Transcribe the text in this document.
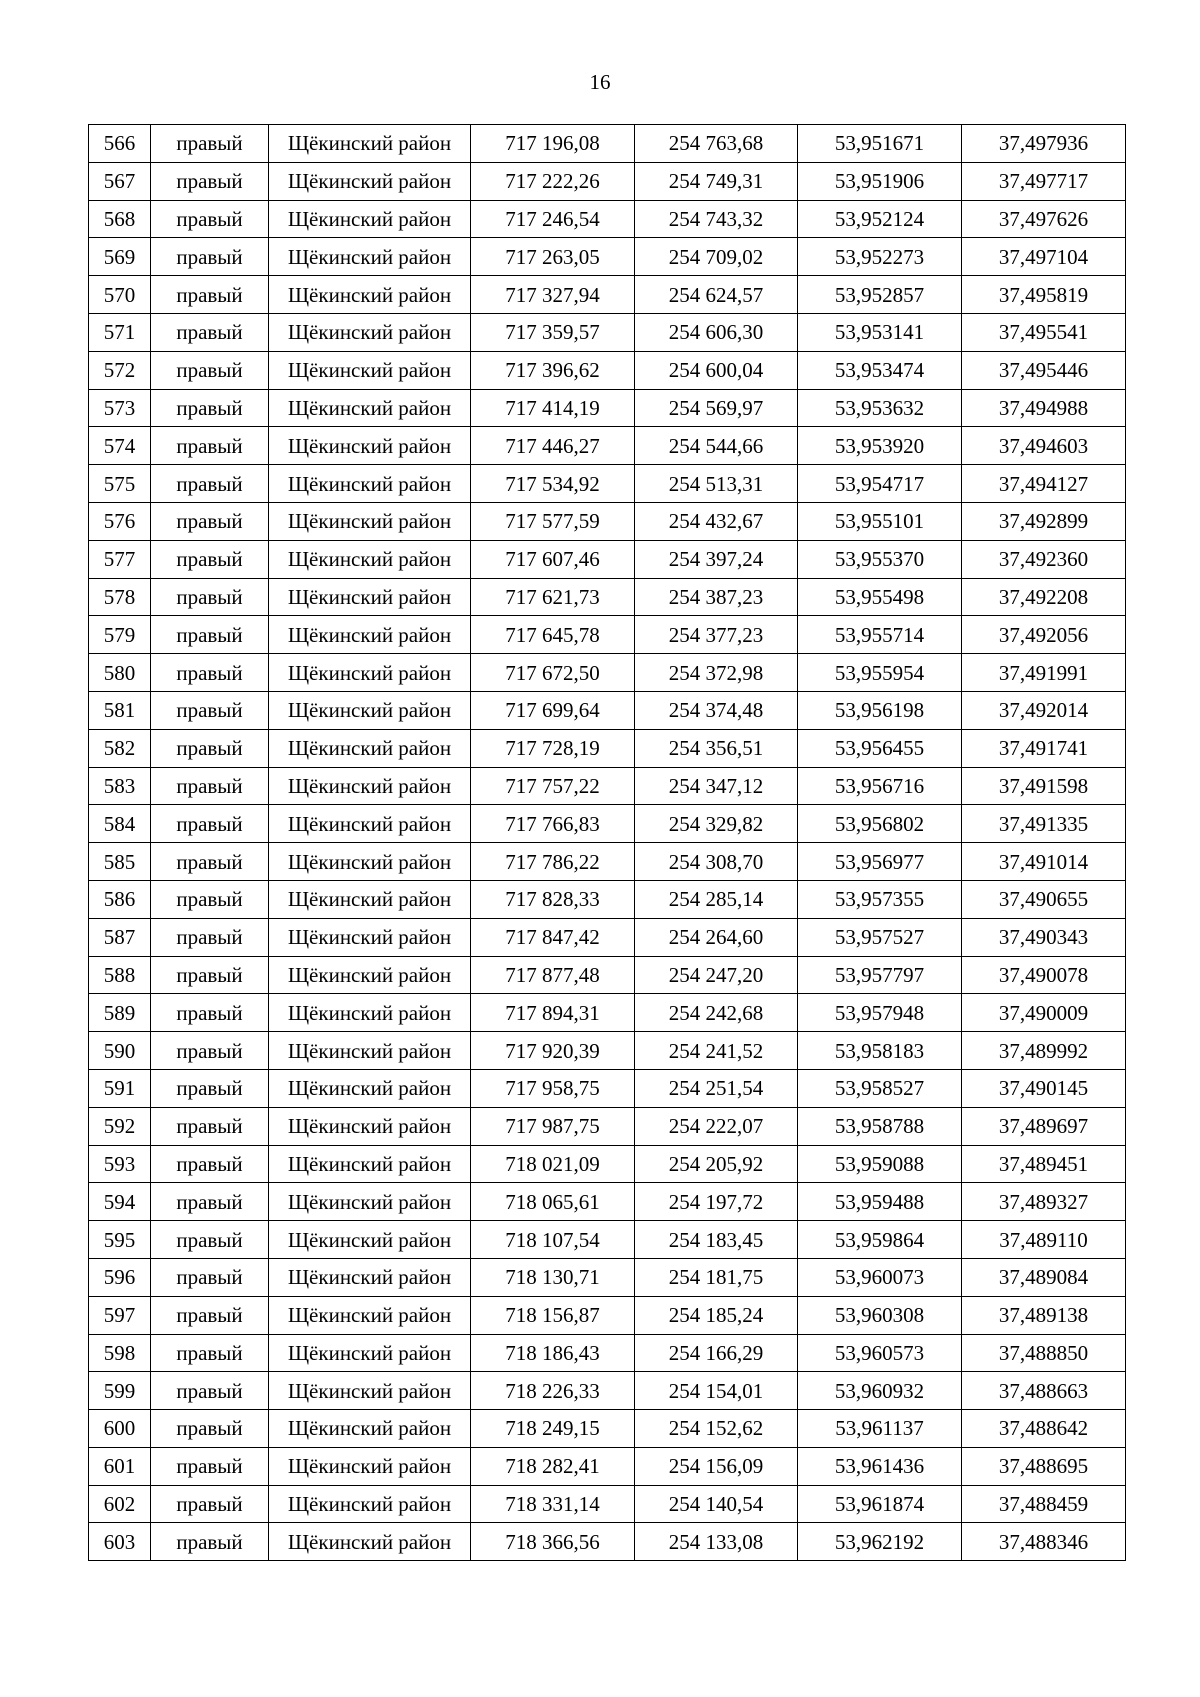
16
566	правый	Щёкинский район	717 196,08	254 763,68	53,951671	37,497936
567	правый	Щёкинский район	717 222,26	254 749,31	53,951906	37,497717
568	правый	Щёкинский район	717 246,54	254 743,32	53,952124	37,497626
569	правый	Щёкинский район	717 263,05	254 709,02	53,952273	37,497104
570	правый	Щёкинский район	717 327,94	254 624,57	53,952857	37,495819
571	правый	Щёкинский район	717 359,57	254 606,30	53,953141	37,495541
572	правый	Щёкинский район	717 396,62	254 600,04	53,953474	37,495446
573	правый	Щёкинский район	717 414,19	254 569,97	53,953632	37,494988
574	правый	Щёкинский район	717 446,27	254 544,66	53,953920	37,494603
575	правый	Щёкинский район	717 534,92	254 513,31	53,954717	37,494127
576	правый	Щёкинский район	717 577,59	254 432,67	53,955101	37,492899
577	правый	Щёкинский район	717 607,46	254 397,24	53,955370	37,492360
578	правый	Щёкинский район	717 621,73	254 387,23	53,955498	37,492208
579	правый	Щёкинский район	717 645,78	254 377,23	53,955714	37,492056
580	правый	Щёкинский район	717 672,50	254 372,98	53,955954	37,491991
581	правый	Щёкинский район	717 699,64	254 374,48	53,956198	37,492014
582	правый	Щёкинский район	717 728,19	254 356,51	53,956455	37,491741
583	правый	Щёкинский район	717 757,22	254 347,12	53,956716	37,491598
584	правый	Щёкинский район	717 766,83	254 329,82	53,956802	37,491335
585	правый	Щёкинский район	717 786,22	254 308,70	53,956977	37,491014
586	правый	Щёкинский район	717 828,33	254 285,14	53,957355	37,490655
587	правый	Щёкинский район	717 847,42	254 264,60	53,957527	37,490343
588	правый	Щёкинский район	717 877,48	254 247,20	53,957797	37,490078
589	правый	Щёкинский район	717 894,31	254 242,68	53,957948	37,490009
590	правый	Щёкинский район	717 920,39	254 241,52	53,958183	37,489992
591	правый	Щёкинский район	717 958,75	254 251,54	53,958527	37,490145
592	правый	Щёкинский район	717 987,75	254 222,07	53,958788	37,489697
593	правый	Щёкинский район	718 021,09	254 205,92	53,959088	37,489451
594	правый	Щёкинский район	718 065,61	254 197,72	53,959488	37,489327
595	правый	Щёкинский район	718 107,54	254 183,45	53,959864	37,489110
596	правый	Щёкинский район	718 130,71	254 181,75	53,960073	37,489084
597	правый	Щёкинский район	718 156,87	254 185,24	53,960308	37,489138
598	правый	Щёкинский район	718 186,43	254 166,29	53,960573	37,488850
599	правый	Щёкинский район	718 226,33	254 154,01	53,960932	37,488663
600	правый	Щёкинский район	718 249,15	254 152,62	53,961137	37,488642
601	правый	Щёкинский район	718 282,41	254 156,09	53,961436	37,488695
602	правый	Щёкинский район	718 331,14	254 140,54	53,961874	37,488459
603	правый	Щёкинский район	718 366,56	254 133,08	53,962192	37,488346
